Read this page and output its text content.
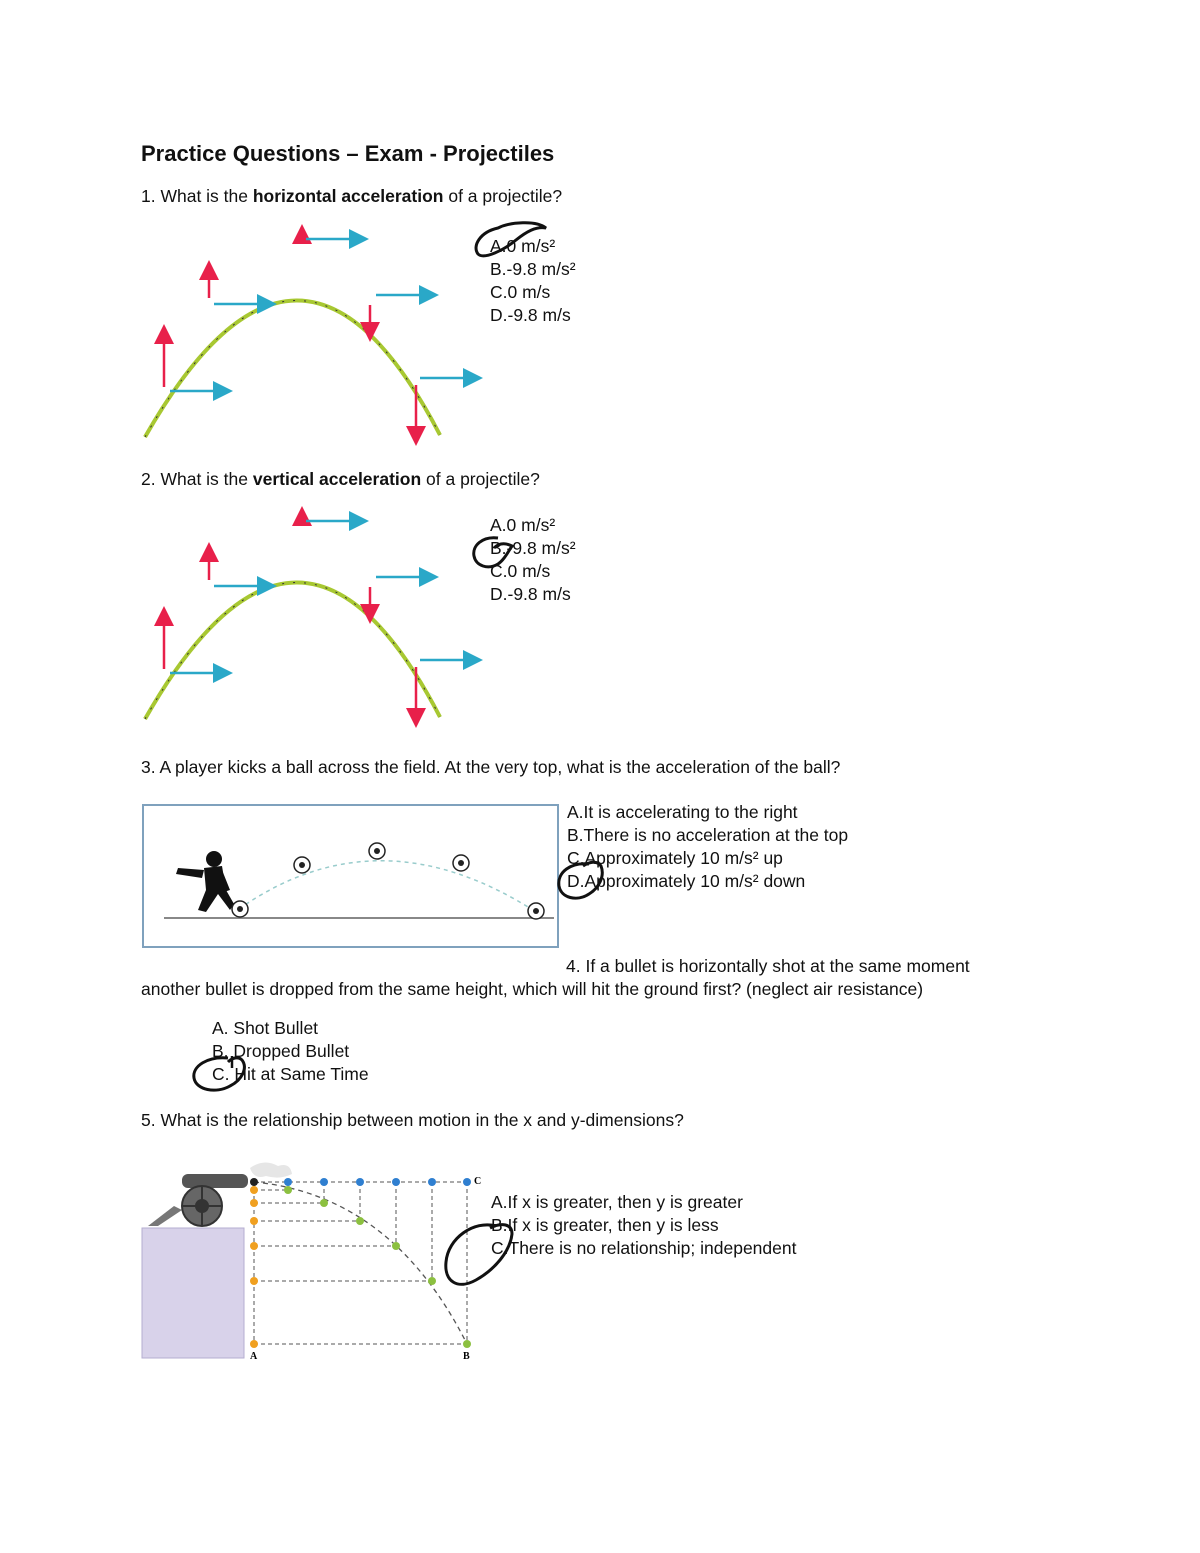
Practice Questions – Exam - Projectiles
1. What is the horizontal acceleration of a projectile?
A.0 m/s²
B.-9.8 m/s²
C.0 m/s
D.-9.8 m/s
2. What is the vertical acceleration of a projectile?
A.0 m/s²
B.-9.8 m/s²
C.0 m/s
D.-9.8 m/s
3. A player kicks a ball across the field. At the very top, what is the acceleration of the ball?
A.It is accelerating to the right
B.There is no acceleration at the top
C.Approximately 10 m/s² up
D.Approximately 10 m/s² down
4. If a bullet is horizontally shot at the same moment
another bullet is dropped from the same height, which will hit the ground first? (neglect air resistance)
A. Shot Bullet
B. Dropped Bullet
C. Hit at Same Time
5. What is the relationship between motion in the x and y-dimensions?
A	B
C
A.If x is greater, then y is greater
B.If x is greater, then y is less
C.There is no relationship; independent
